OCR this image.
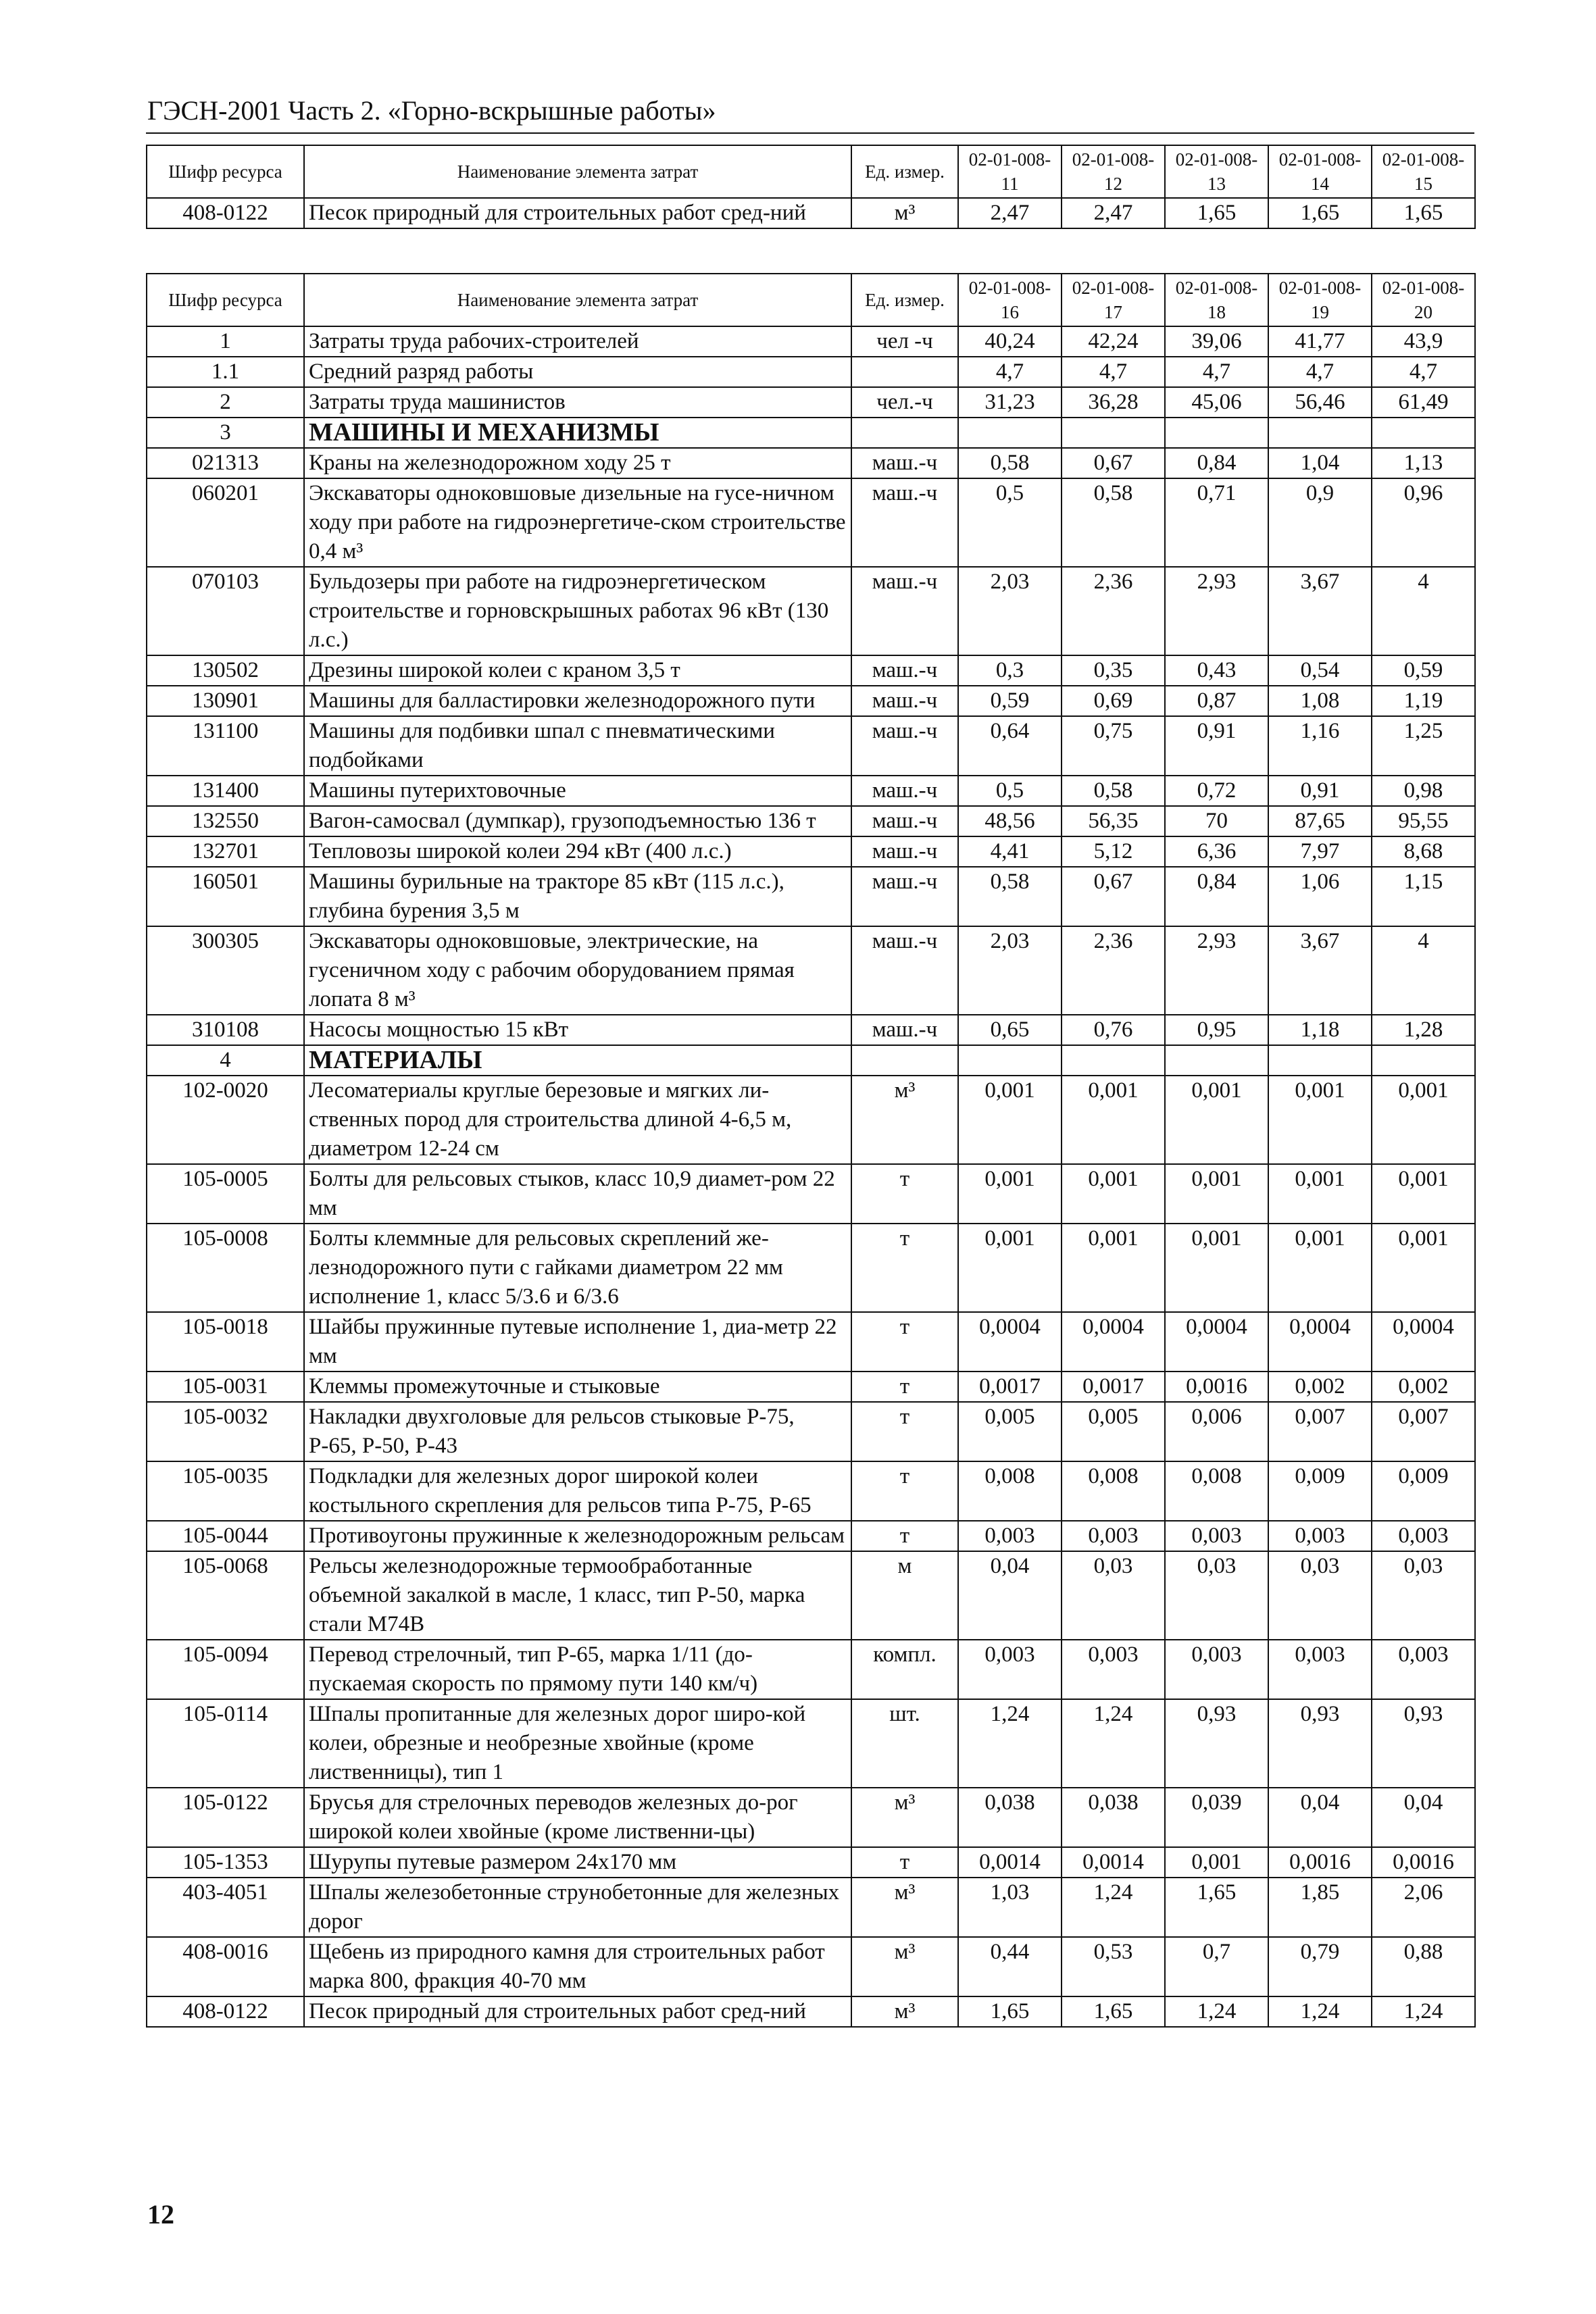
ГЭСН-2001 Часть 2. «Горно-вскрышные работы»
Шифр ресурса	Наименование элемента затрат	Ед. измер.	02-01-008-11	02-01-008-12	02-01-008-13	02-01-008-14	02-01-008-15
408-0122	Песок природный для строительных работ сред-ний	м³	2,47	2,47	1,65	1,65	1,65
Шифр ресурса	Наименование элемента затрат	Ед. измер.	02-01-008-16	02-01-008-17	02-01-008-18	02-01-008-19	02-01-008-20
1	Затраты труда рабочих-строителей	чел -ч	40,24	42,24	39,06	41,77	43,9
1.1	Средний разряд работы		4,7	4,7	4,7	4,7	4,7
2	Затраты труда машинистов	чел.-ч	31,23	36,28	45,06	56,46	61,49
3	МАШИНЫ И МЕХАНИЗМЫ						
021313	Краны на железнодорожном ходу 25 т	маш.-ч	0,58	0,67	0,84	1,04	1,13
060201	Экскаваторы одноковшовые дизельные на гусе-ничном ходу при работе на гидроэнергетиче-ском строительстве 0,4 м³	маш.-ч	0,5	0,58	0,71	0,9	0,96
070103	Бульдозеры при работе на гидроэнергетическом строительстве и горновскрышных работах 96 кВт (130 л.с.)	маш.-ч	2,03	2,36	2,93	3,67	4
130502	Дрезины широкой колеи с краном 3,5 т	маш.-ч	0,3	0,35	0,43	0,54	0,59
130901	Машины для балластировки железнодорожного пути	маш.-ч	0,59	0,69	0,87	1,08	1,19
131100	Машины для подбивки шпал с пневматическими подбойками	маш.-ч	0,64	0,75	0,91	1,16	1,25
131400	Машины путерихтовочные	маш.-ч	0,5	0,58	0,72	0,91	0,98
132550	Вагон-самосвал (думпкар), грузоподъемностью 136 т	маш.-ч	48,56	56,35	70	87,65	95,55
132701	Тепловозы широкой колеи 294 кВт (400 л.с.)	маш.-ч	4,41	5,12	6,36	7,97	8,68
160501	Машины бурильные на тракторе 85 кВт (115 л.с.), глубина бурения 3,5 м	маш.-ч	0,58	0,67	0,84	1,06	1,15
300305	Экскаваторы одноковшовые, электрические, на гусеничном ходу с рабочим оборудованием прямая лопата 8 м³	маш.-ч	2,03	2,36	2,93	3,67	4
310108	Насосы мощностью 15 кВт	маш.-ч	0,65	0,76	0,95	1,18	1,28
4	МАТЕРИАЛЫ						
102-0020	Лесоматериалы круглые березовые и мягких ли-ственных пород для строительства длиной 4-6,5 м, диаметром 12-24 см	м³	0,001	0,001	0,001	0,001	0,001
105-0005	Болты для рельсовых стыков, класс 10,9 диамет-ром 22 мм	т	0,001	0,001	0,001	0,001	0,001
105-0008	Болты клеммные для рельсовых скреплений же-лезнодорожного пути с гайками диаметром 22 мм исполнение 1, класс 5/3.6 и 6/3.6	т	0,001	0,001	0,001	0,001	0,001
105-0018	Шайбы пружинные путевые исполнение 1, диа-метр 22 мм	т	0,0004	0,0004	0,0004	0,0004	0,0004
105-0031	Клеммы промежуточные и стыковые	т	0,0017	0,0017	0,0016	0,002	0,002
105-0032	Накладки двухголовые для рельсов стыковые Р-75, Р-65, Р-50, Р-43	т	0,005	0,005	0,006	0,007	0,007
105-0035	Подкладки для железных дорог широкой колеи костыльного скрепления для рельсов типа Р-75, Р-65	т	0,008	0,008	0,008	0,009	0,009
105-0044	Противоугоны пружинные к железнодорожным рельсам	т	0,003	0,003	0,003	0,003	0,003
105-0068	Рельсы железнодорожные термообработанные объемной закалкой в масле, 1 класс, тип Р-50, марка стали М74В	м	0,04	0,03	0,03	0,03	0,03
105-0094	Перевод стрелочный, тип Р-65, марка 1/11 (до-пускаемая скорость по прямому пути 140 км/ч)	компл.	0,003	0,003	0,003	0,003	0,003
105-0114	Шпалы пропитанные для железных дорог широ-кой колеи, обрезные и необрезные хвойные (кроме лиственницы), тип 1	шт.	1,24	1,24	0,93	0,93	0,93
105-0122	Брусья для стрелочных переводов железных до-рог широкой колеи хвойные (кроме лиственни-цы)	м³	0,038	0,038	0,039	0,04	0,04
105-1353	Шурупы путевые размером 24х170 мм	т	0,0014	0,0014	0,001	0,0016	0,0016
403-4051	Шпалы железобетонные струнобетонные для железных дорог	м³	1,03	1,24	1,65	1,85	2,06
408-0016	Щебень из природного камня для строительных работ марка 800, фракция 40-70 мм	м³	0,44	0,53	0,7	0,79	0,88
408-0122	Песок природный для строительных работ сред-ний	м³	1,65	1,65	1,24	1,24	1,24
12
